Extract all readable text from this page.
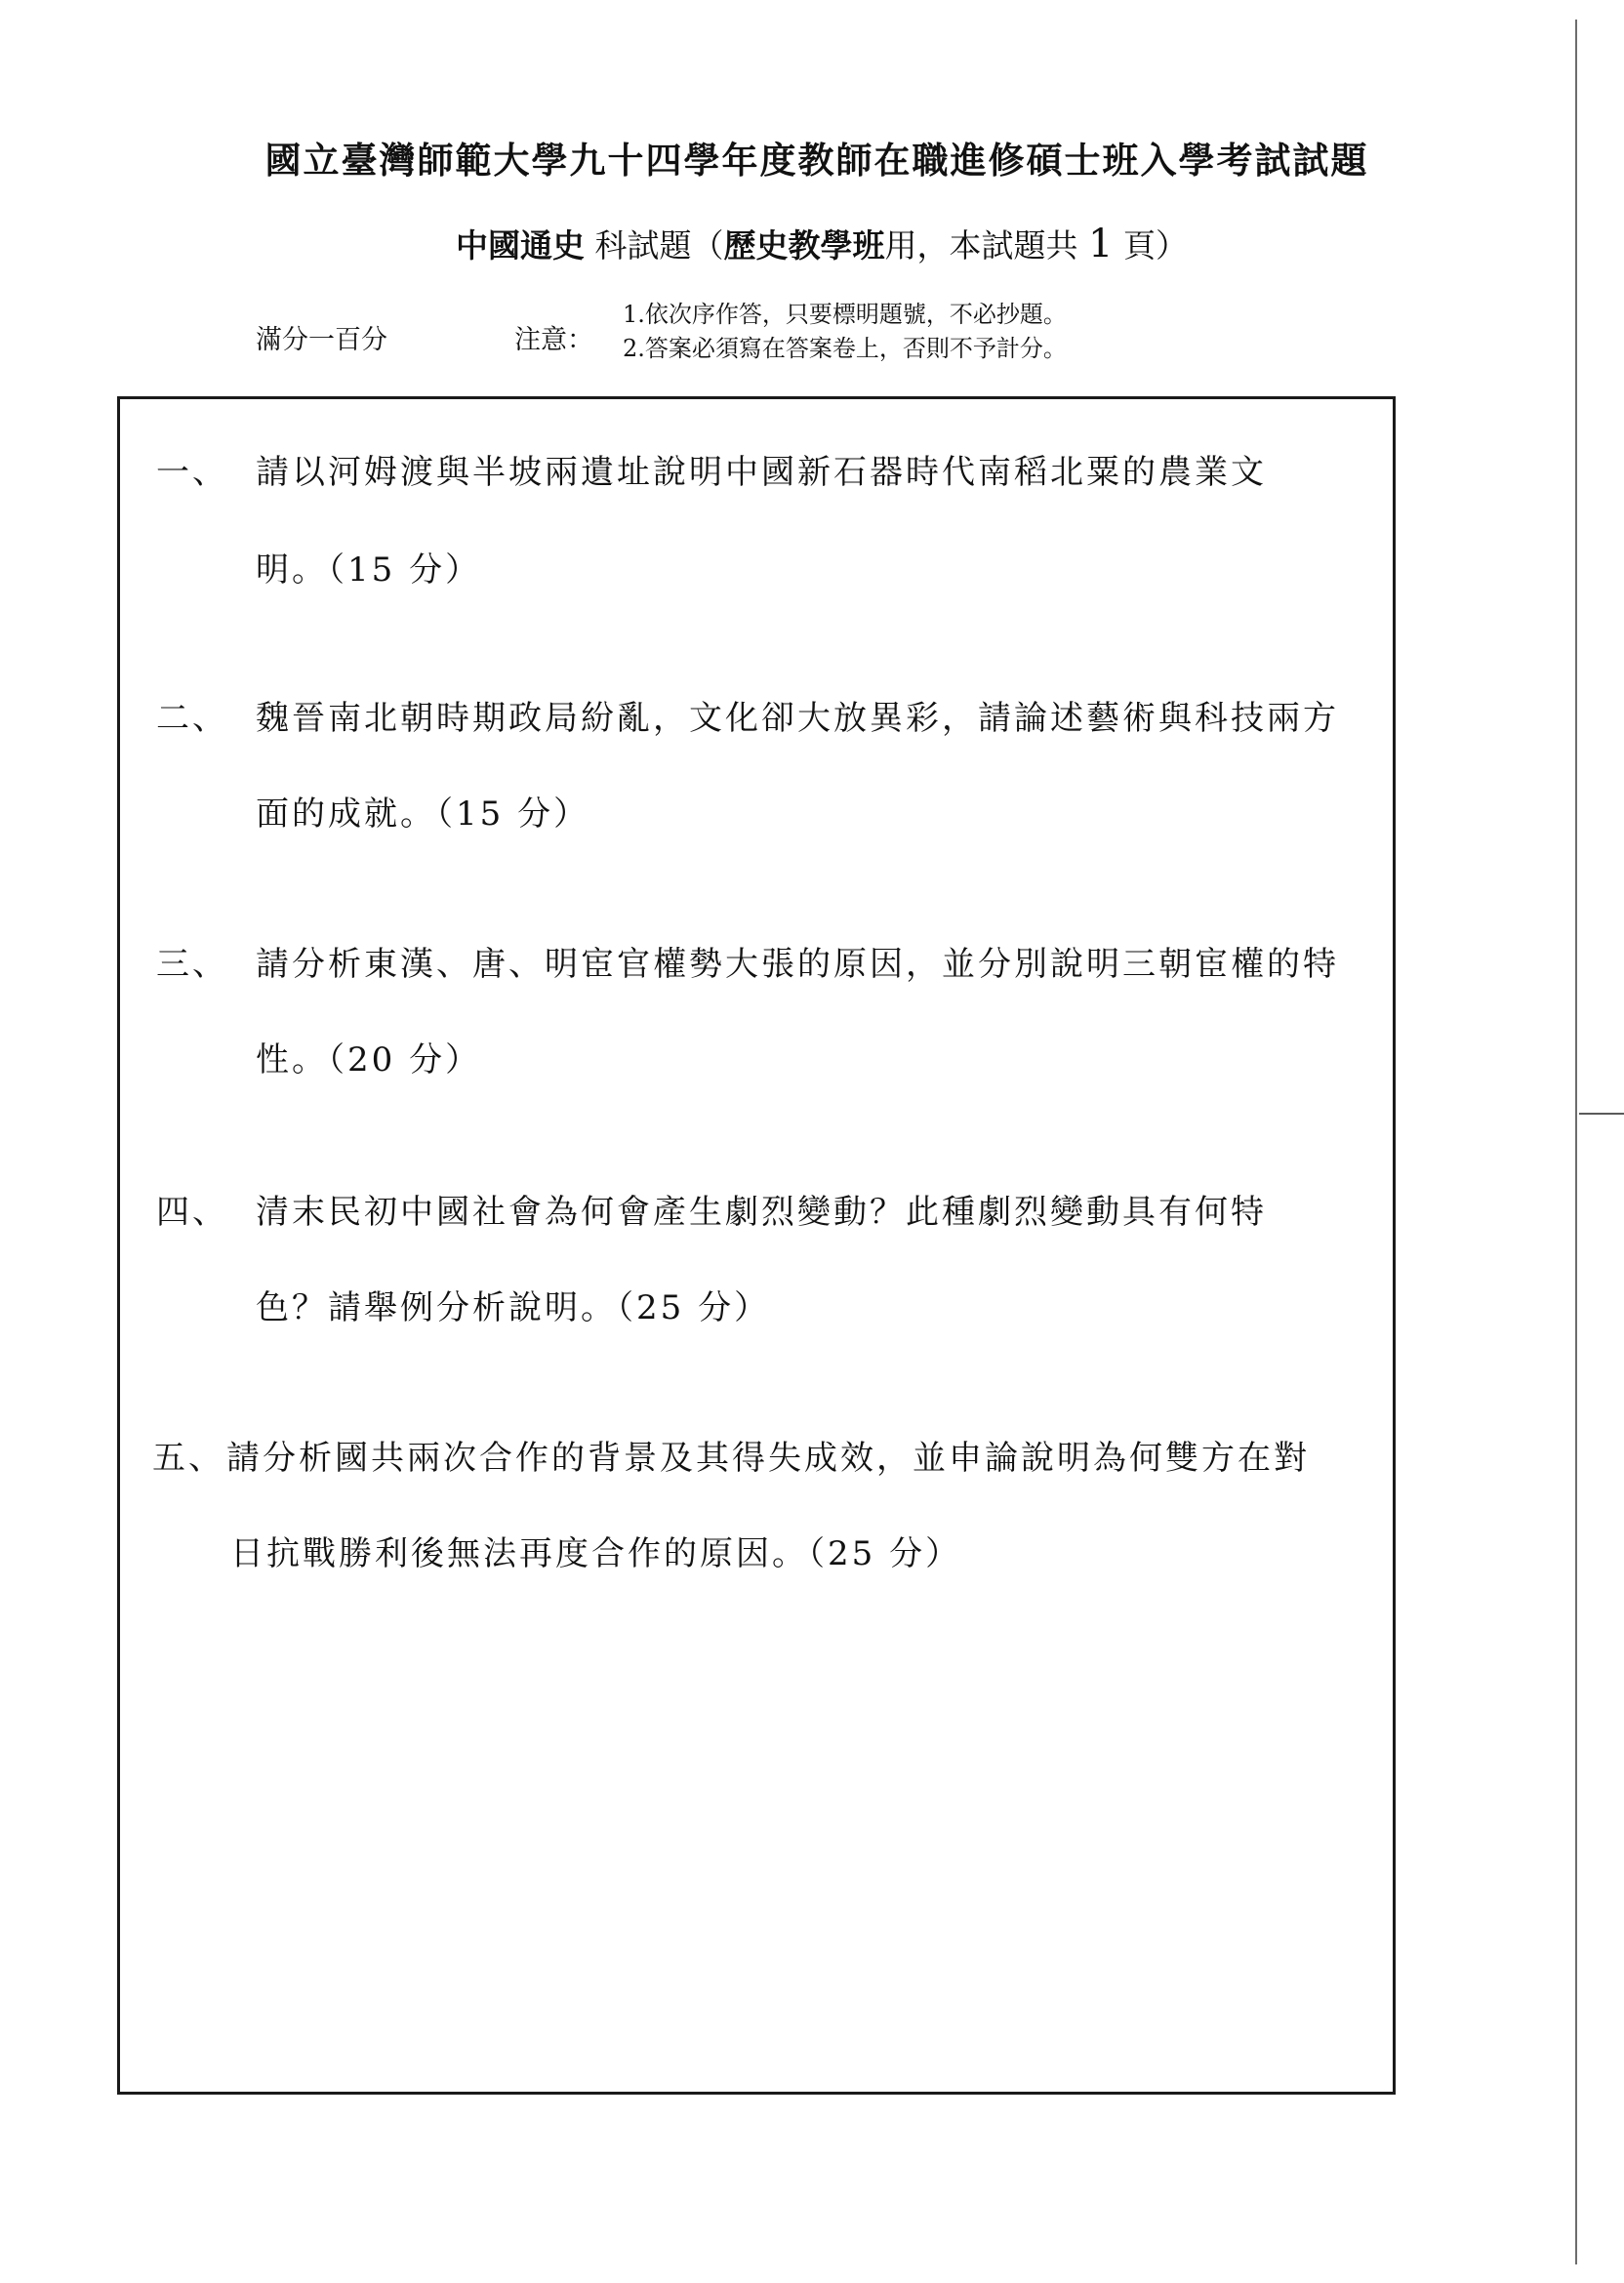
國立臺灣師範大學九十四學年度教師在職進修碩士班入學考試試題
中國通史 科試題（歷史教學班用，本試題共 1 頁）
滿分一百分	注意：
1.依次序作答，只要標明題號，不必抄題。
2.答案必須寫在答案卷上，否則不予計分。
一、 請以河姆渡與半坡兩遺址說明中國新石器時代南稻北粟的農業文
明。（15 分）
二、 魏晉南北朝時期政局紛亂，文化卻大放異彩，請論述藝術與科技兩方
面的成就。（15 分）
三、 請分析東漢、唐、明宦官權勢大張的原因，並分別說明三朝宦權的特
性。（20 分）
四、 清末民初中國社會為何會產生劇烈變動？此種劇烈變動具有何特
色？請舉例分析說明。（25 分）
五、 請分析國共兩次合作的背景及其得失成效，並申論說明為何雙方在對
日抗戰勝利後無法再度合作的原因。（25 分）
